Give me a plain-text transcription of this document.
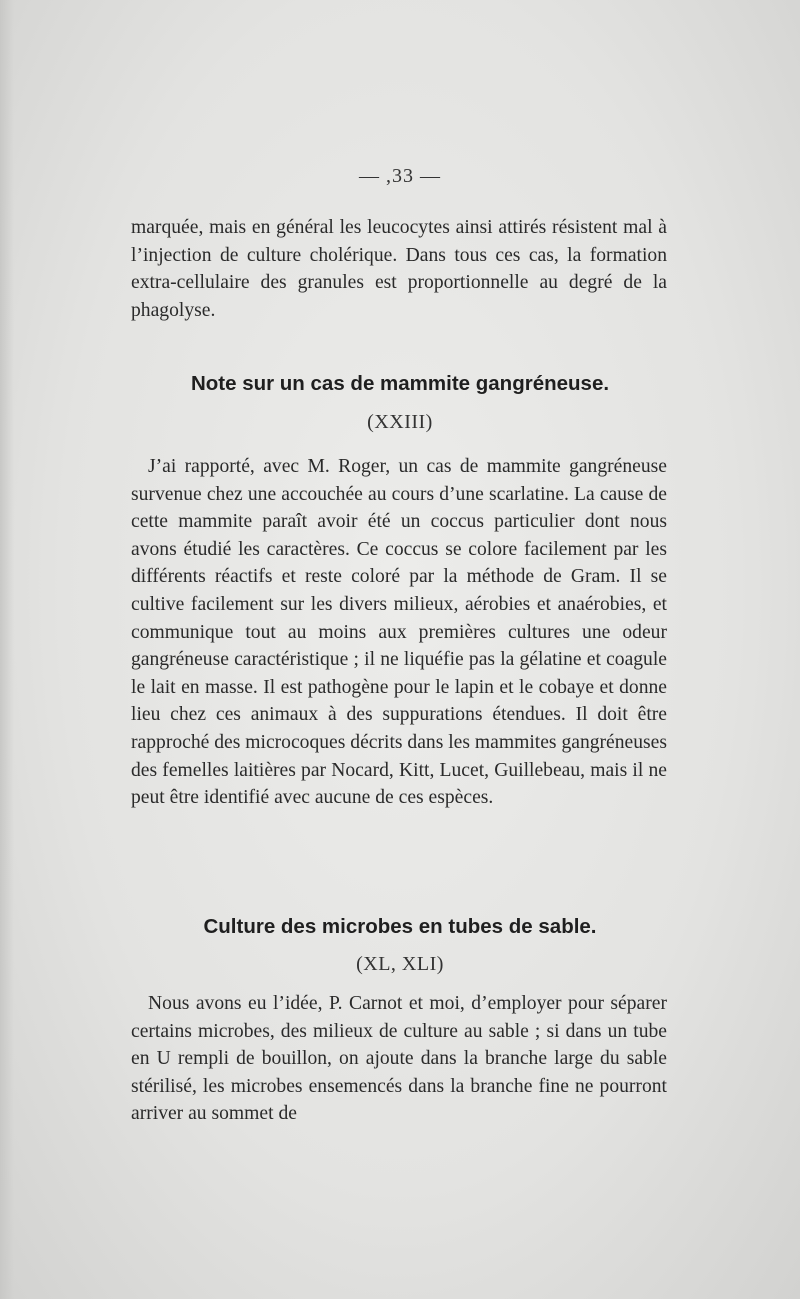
— ,33 —

marquée, mais en général les leucocytes ainsi attirés résistent mal à l’injection de culture cholérique. Dans tous ces cas, la formation extra-cellulaire des granules est proportionnelle au degré de la phagolyse.

Note sur un cas de mammite gangréneuse.
(XXIII)

J’ai rapporté, avec M. Roger, un cas de mammite gangréneuse survenue chez une accouchée au cours d’une scarlatine. La cause de cette mammite paraît avoir été un coccus particulier dont nous avons étudié les caractères. Ce coccus se colore facilement par les différents réactifs et reste coloré par la méthode de Gram. Il se cultive facilement sur les divers milieux, aérobies et anaérobies, et communique tout au moins aux premières cultures une odeur gangréneuse caractéristique ; il ne liquéfie pas la gélatine et coagule le lait en masse. Il est pathogène pour le lapin et le cobaye et donne lieu chez ces animaux à des suppurations étendues. Il doit être rapproché des microcoques décrits dans les mammites gangréneuses des femelles laitières par Nocard, Kitt, Lucet, Guillebeau, mais il ne peut être identifié avec aucune de ces espèces.

Culture des microbes en tubes de sable.
(XL, XLI)

Nous avons eu l’idée, P. Carnot et moi, d’employer pour séparer certains microbes, des milieux de culture au sable ; si dans un tube en U rempli de bouillon, on ajoute dans la branche large du sable stérilisé, les microbes ensemencés dans la branche fine ne pourront arriver au sommet de
